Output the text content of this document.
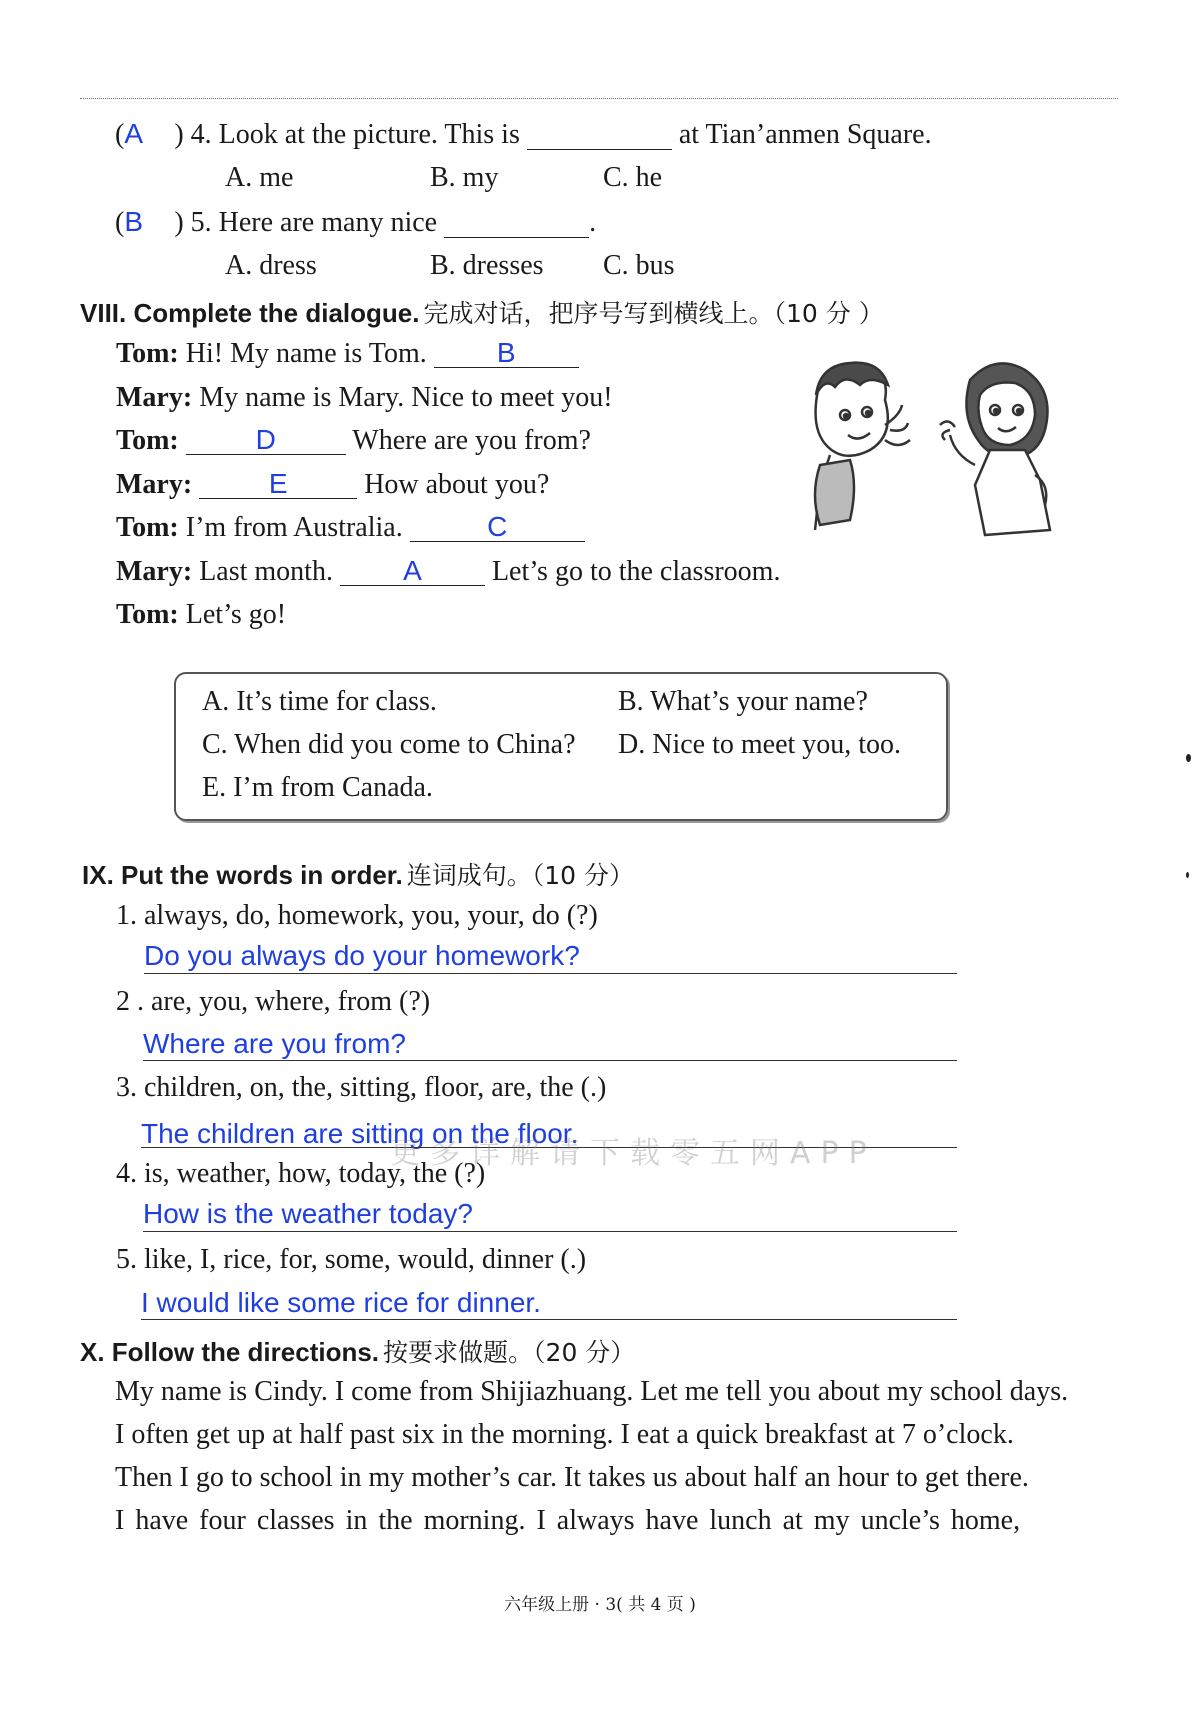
(A ) 4. Look at the picture. This is	at Tian’anmen Square.
A. me	B. my	C. he
(B ) 5. Here are many nice	.
A. dress	B. dresses C. bus
VIII. Complete the dialogue. 完成对话，把序号写到横线上。（10 分 ）
Tom: Hi! My name is Tom.	B
Mary: My name is Mary. Nice to meet you!
Tom:	D	Where are you from?
Mary:	E	How about you?
Tom: I’m from Australia.	C
Mary: Last month.	A	Let’s go to the classroom.
Tom: Let’s go!
A. It’s time for class.	B. What’s your name?
C. When did you come to China? D. Nice to meet you, too.
E. I’m from Canada.
IX. Put the words in order. 连词成句。（10 分）
1. always, do, homework, you, your, do (?)
Do you always do your homework?
2 . are, you, where, from (?)
Where are you from?
3. children, on, the, sitting, floor, are, the (.)
The children are sitting on the floor.
4. is, weather, how, today, the (?)
How is the weather today?
5. like, I, rice, for, some, would, dinner (.)
I would like some rice for dinner.
更多详解请下载零五网APP
X. Follow the directions. 按要求做题。（20 分）
My name is Cindy. I come from Shijiazhuang. Let me tell you about my school days.
I often get up at half past six in the morning. I eat a quick breakfast at 7 o’clock.
Then I go to school in my mother’s car. It takes us about half an hour to get there.
I have four classes in the morning. I always have lunch at my uncle’s home,
六年级上册 · 3( 共 4 页 )
